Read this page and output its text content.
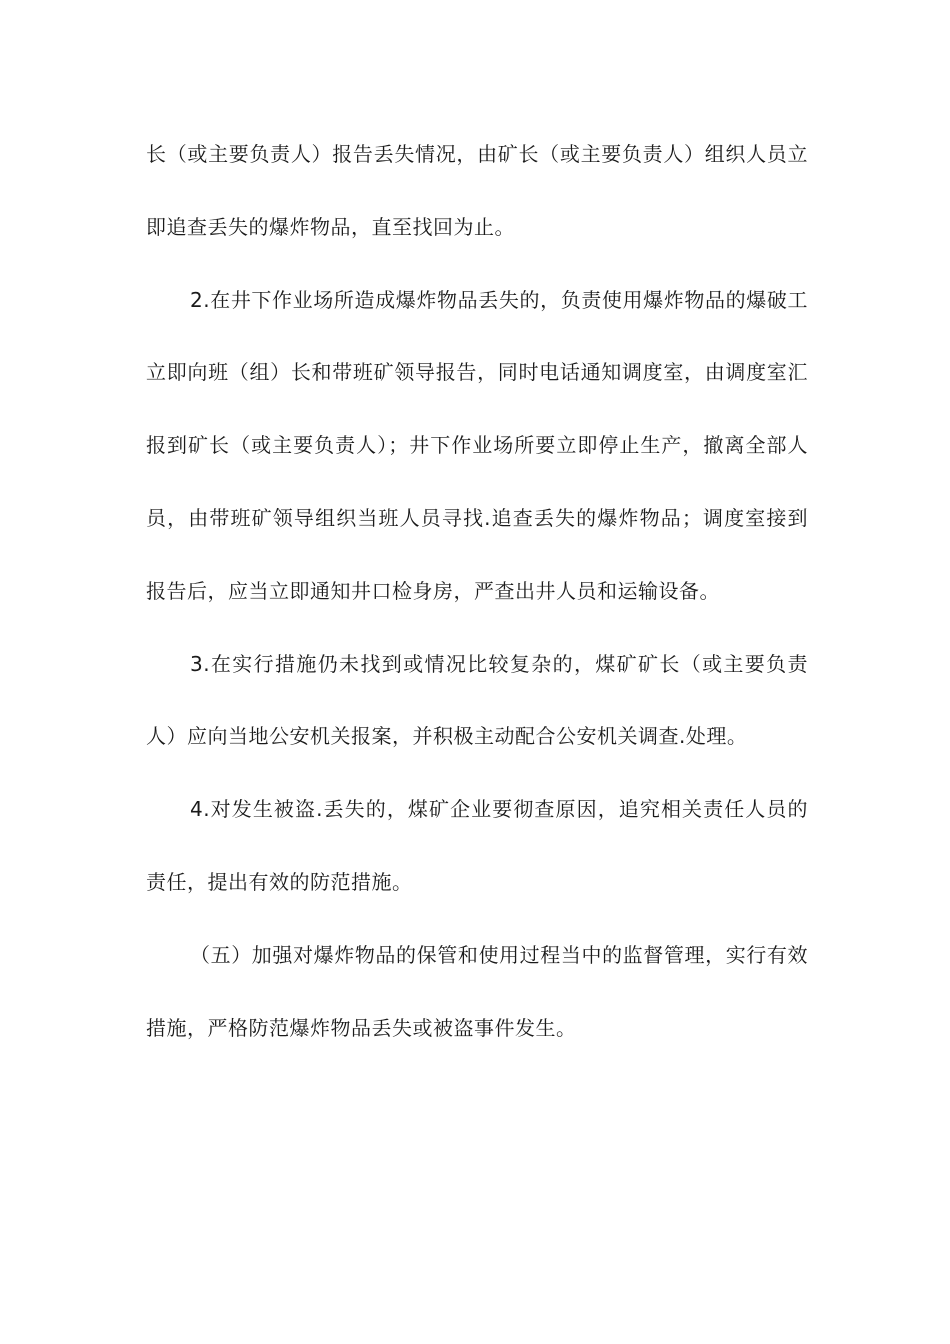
长（或主要负责人）报告丢失情况，由矿长（或主要负责人）组织人员立即追查丢失的爆炸物品，直至找回为止。

2.在井下作业场所造成爆炸物品丢失的，负责使用爆炸物品的爆破工立即向班（组）长和带班矿领导报告，同时电话通知调度室，由调度室汇报到矿长（或主要负责人）；井下作业场所要立即停止生产，撤离全部人员，由带班矿领导组织当班人员寻找.追查丢失的爆炸物品；调度室接到报告后，应当立即通知井口检身房，严查出井人员和运输设备。

3.在实行措施仍未找到或情况比较复杂的，煤矿矿长（或主要负责人）应向当地公安机关报案，并积极主动配合公安机关调查.处理。

4.对发生被盗.丢失的，煤矿企业要彻查原因，追究相关责任人员的责任，提出有效的防范措施。

（五）加强对爆炸物品的保管和使用过程当中的监督管理，实行有效措施，严格防范爆炸物品丢失或被盗事件发生。
